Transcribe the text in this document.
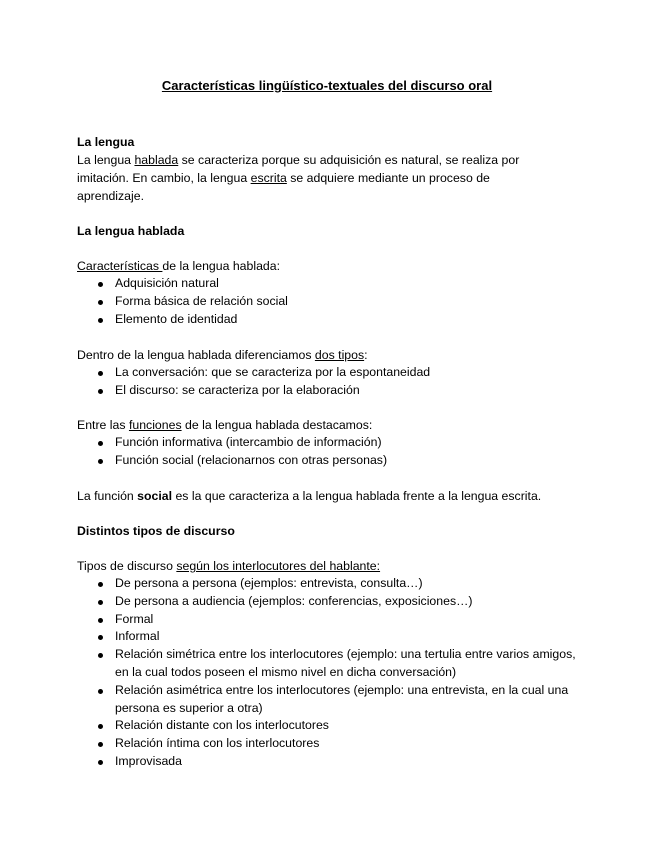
Características lingüístico-textuales del discurso oral
La lengua
La lengua hablada se caracteriza porque su adquisición es natural, se realiza por
imitación. En cambio, la lengua escrita se adquiere mediante un proceso de
aprendizaje.
La lengua hablada
Características de la lengua hablada:
Adquisición natural
Forma básica de relación social
Elemento de identidad
Dentro de la lengua hablada diferenciamos dos tipos:
La conversación: que se caracteriza por la espontaneidad
El discurso: se caracteriza por la elaboración
Entre las funciones de la lengua hablada destacamos:
Función informativa (intercambio de información)
Función social (relacionarnos con otras personas)
La función social es la que caracteriza a la lengua hablada frente a la lengua escrita.
Distintos tipos de discurso
Tipos de discurso según los interlocutores del hablante:
De persona a persona (ejemplos: entrevista, consulta…)
De persona a audiencia (ejemplos: conferencias, exposiciones…)
Formal
Informal
Relación simétrica entre los interlocutores (ejemplo: una tertulia entre varios amigos, en la cual todos poseen el mismo nivel en dicha conversación)
Relación asimétrica entre los interlocutores (ejemplo: una entrevista, en la cual una persona es superior a otra)
Relación distante con los interlocutores
Relación íntima con los interlocutores
Improvisada
